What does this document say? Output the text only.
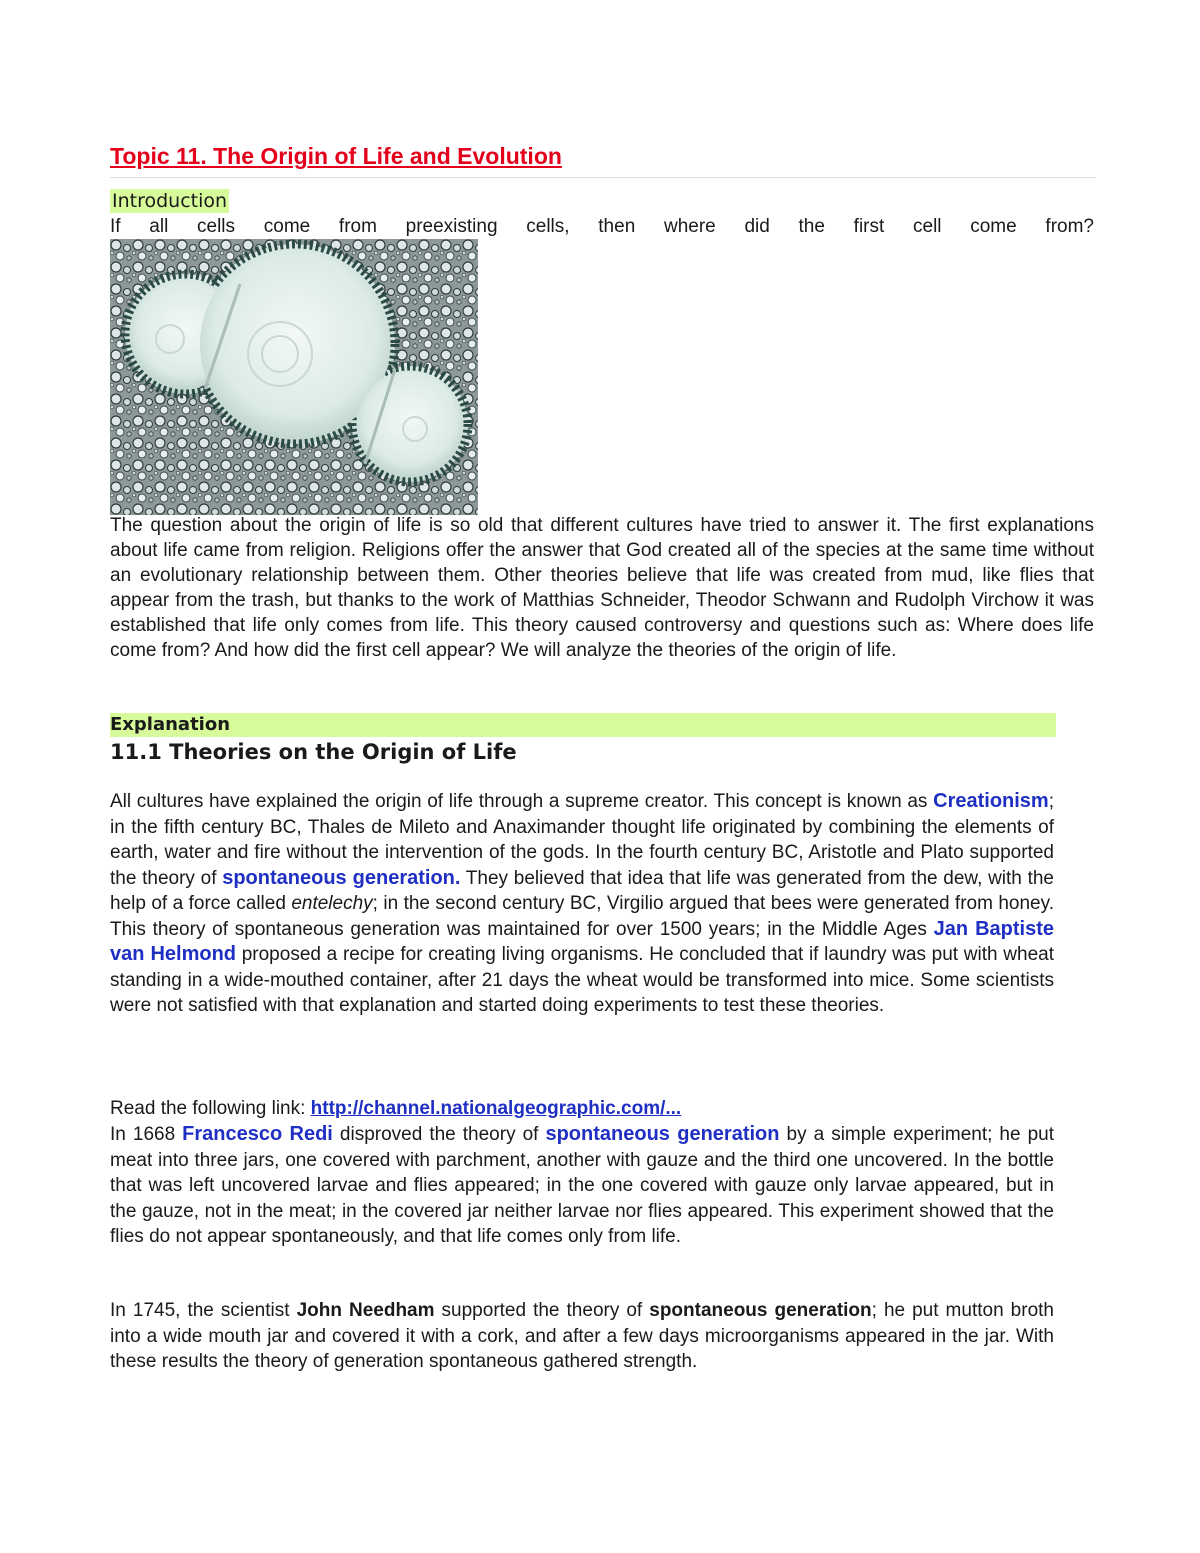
Topic 11. The Origin of Life and Evolution
Introduction

If all cells come from preexisting cells, then where did the first cell come from?

The question about the origin of life is so old that different cultures have tried to answer it. The first explanations about life came from religion. Religions offer the answer that God created all of the species at the same time without an evolutionary relationship between them. Other theories believe that life was created from mud, like flies that appear from the trash, but thanks to the work of Matthias Schneider, Theodor Schwann and Rudolph Virchow it was established that life only comes from life. This theory caused controversy and questions such as: Where does life come from? And how did the first cell appear? We will analyze the theories of the origin of life.

Explanation
11.1 Theories on the Origin of Life

All cultures have explained the origin of life through a supreme creator. This concept is known as Creationism; in the fifth century BC, Thales de Mileto and Anaximander thought life originated by combining the elements of earth, water and fire without the intervention of the gods. In the fourth century BC, Aristotle and Plato supported the theory of spontaneous generation. They believed that idea that life was generated from the dew, with the help of a force called entelechy; in the second century BC, Virgilio argued that bees were generated from honey. This theory of spontaneous generation was maintained for over 1500 years; in the Middle Ages Jan Baptiste van Helmond proposed a recipe for creating living organisms. He concluded that if laundry was put with wheat standing in a wide-mouthed container, after 21 days the wheat would be transformed into mice. Some scientists were not satisfied with that explanation and started doing experiments to test these theories.

Read the following link: http://channel.nationalgeographic.com/...

In 1668 Francesco Redi disproved the theory of spontaneous generation by a simple experiment; he put meat into three jars, one covered with parchment, another with gauze and the third one uncovered. In the bottle that was left uncovered larvae and flies appeared; in the one covered with gauze only larvae appeared, but in the gauze, not in the meat; in the covered jar neither larvae nor flies appeared. This experiment showed that the flies do not appear spontaneously, and that life comes only from life.

In 1745, the scientist John Needham supported the theory of spontaneous generation; he put mutton broth into a wide mouth jar and covered it with a cork, and after a few days microorganisms appeared in the jar. With these results the theory of generation spontaneous gathered strength.
